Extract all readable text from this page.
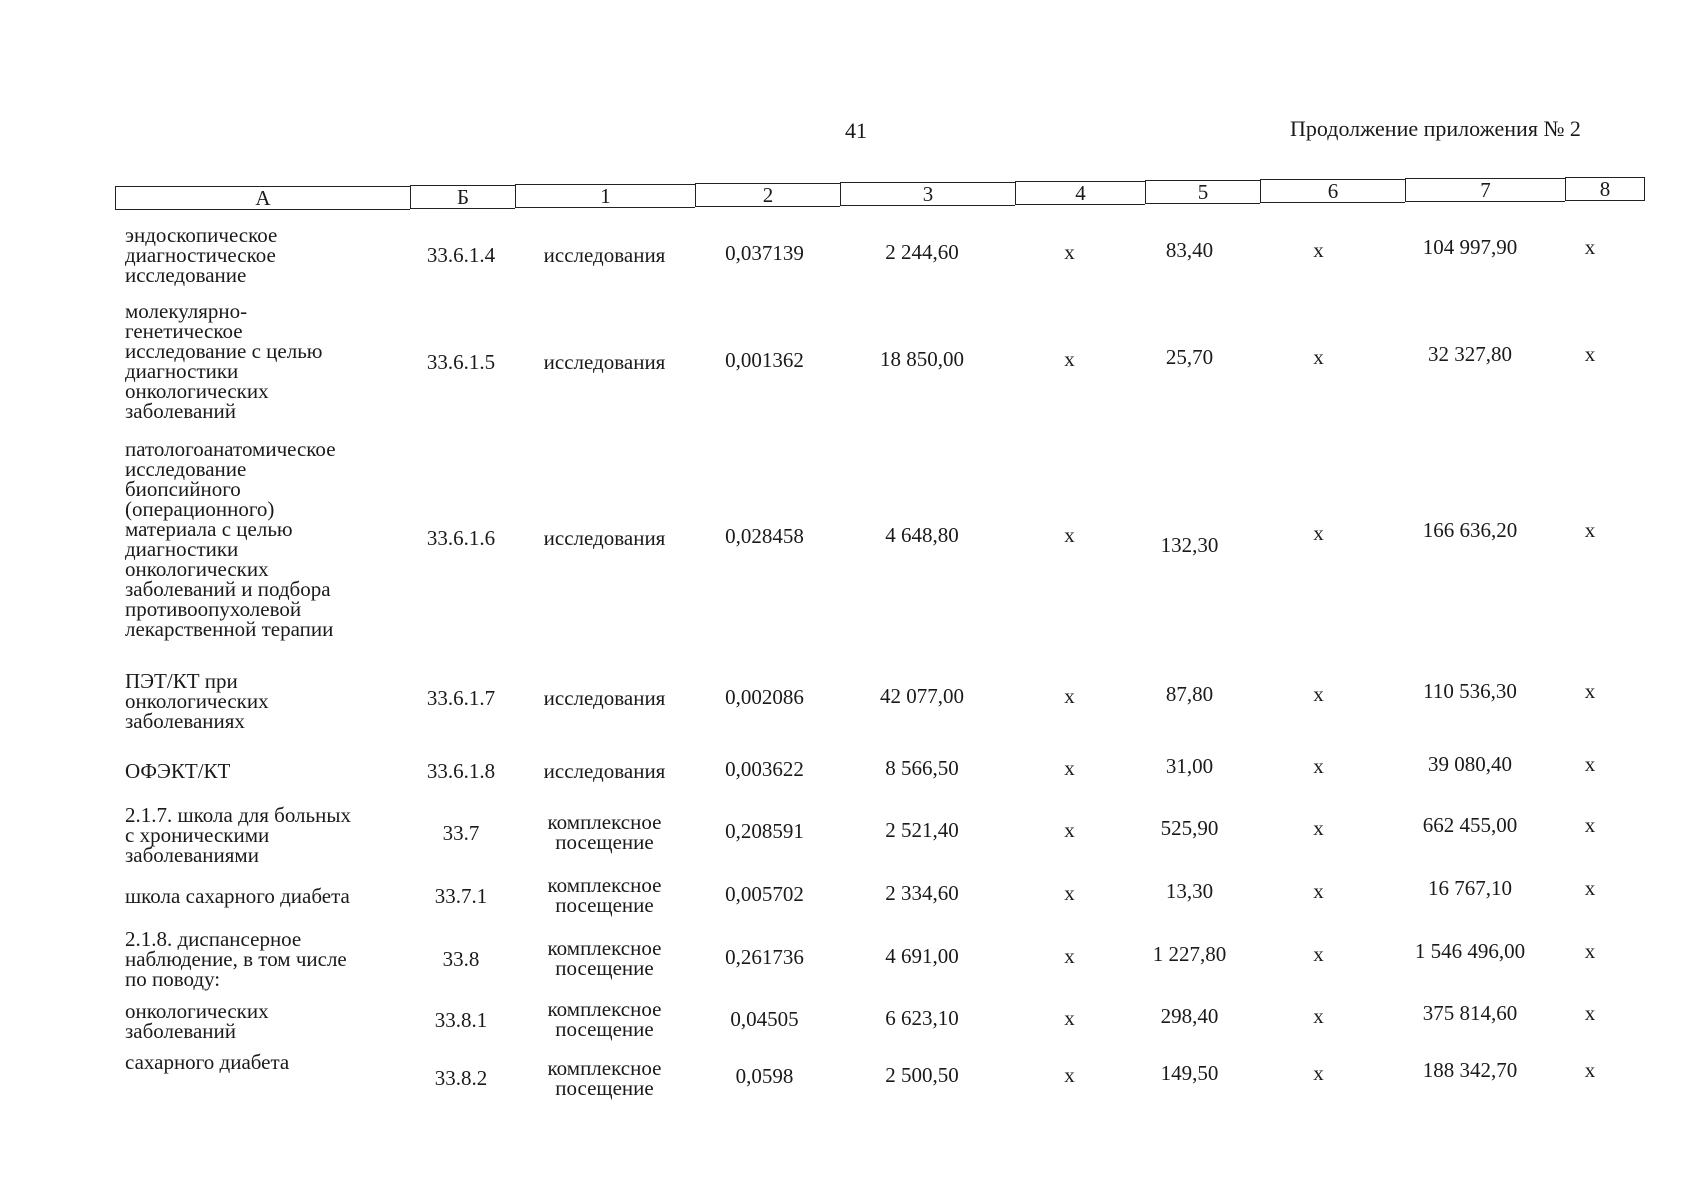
41	Продолжение приложения № 2
А	Б	1	2	3	4	5	6	7	8
эндоскопическое
диагностическое
исследование
33.6.1.4	исследования	0,037139	2 244,60	х	83,40	х	104 997,90	х
молекулярно-
генетическое
исследование с целью
диагностики
онкологических
заболеваний
33.6.1.5	исследования	0,001362	18 850,00	х	25,70	х	32 327,80	х
патологоанатомическое
исследование
биопсийного
(операционного)
материала с целью
диагностики
онкологических
заболеваний и подбора
противоопухолевой
лекарственной терапии
33.6.1.6	исследования	0,028458	4 648,80	х	132,30	х	166 636,20	х
ПЭТ/КТ при
онкологических
заболеваниях
33.6.1.7	исследования	0,002086	42 077,00	х	87,80	х	110 536,30	х
ОФЭКТ/КТ	33.6.1.8	исследования	0,003622	8 566,50	х	31,00	х	39 080,40	х
2.1.7. школа для больных
с хроническими
заболеваниями
33.7	комплексное
посещение	0,208591	2 521,40	х	525,90	х	662 455,00	х
школа сахарного диабета	33.7.1	комплексное
посещение	0,005702	2 334,60	х	13,30	х	16 767,10	х
2.1.8. диспансерное
наблюдение, в том числе
по поводу:
33.8	комплексное
посещение	0,261736	4 691,00	х	1 227,80	х	1 546 496,00	х
онкологических
заболеваний	33.8.1	комплексное
посещение	0,04505	6 623,10	х	298,40	х	375 814,60	х
сахарного диабета
33.8.2	комплексное
посещение	0,0598	2 500,50	х	149,50	х	188 342,70	х
